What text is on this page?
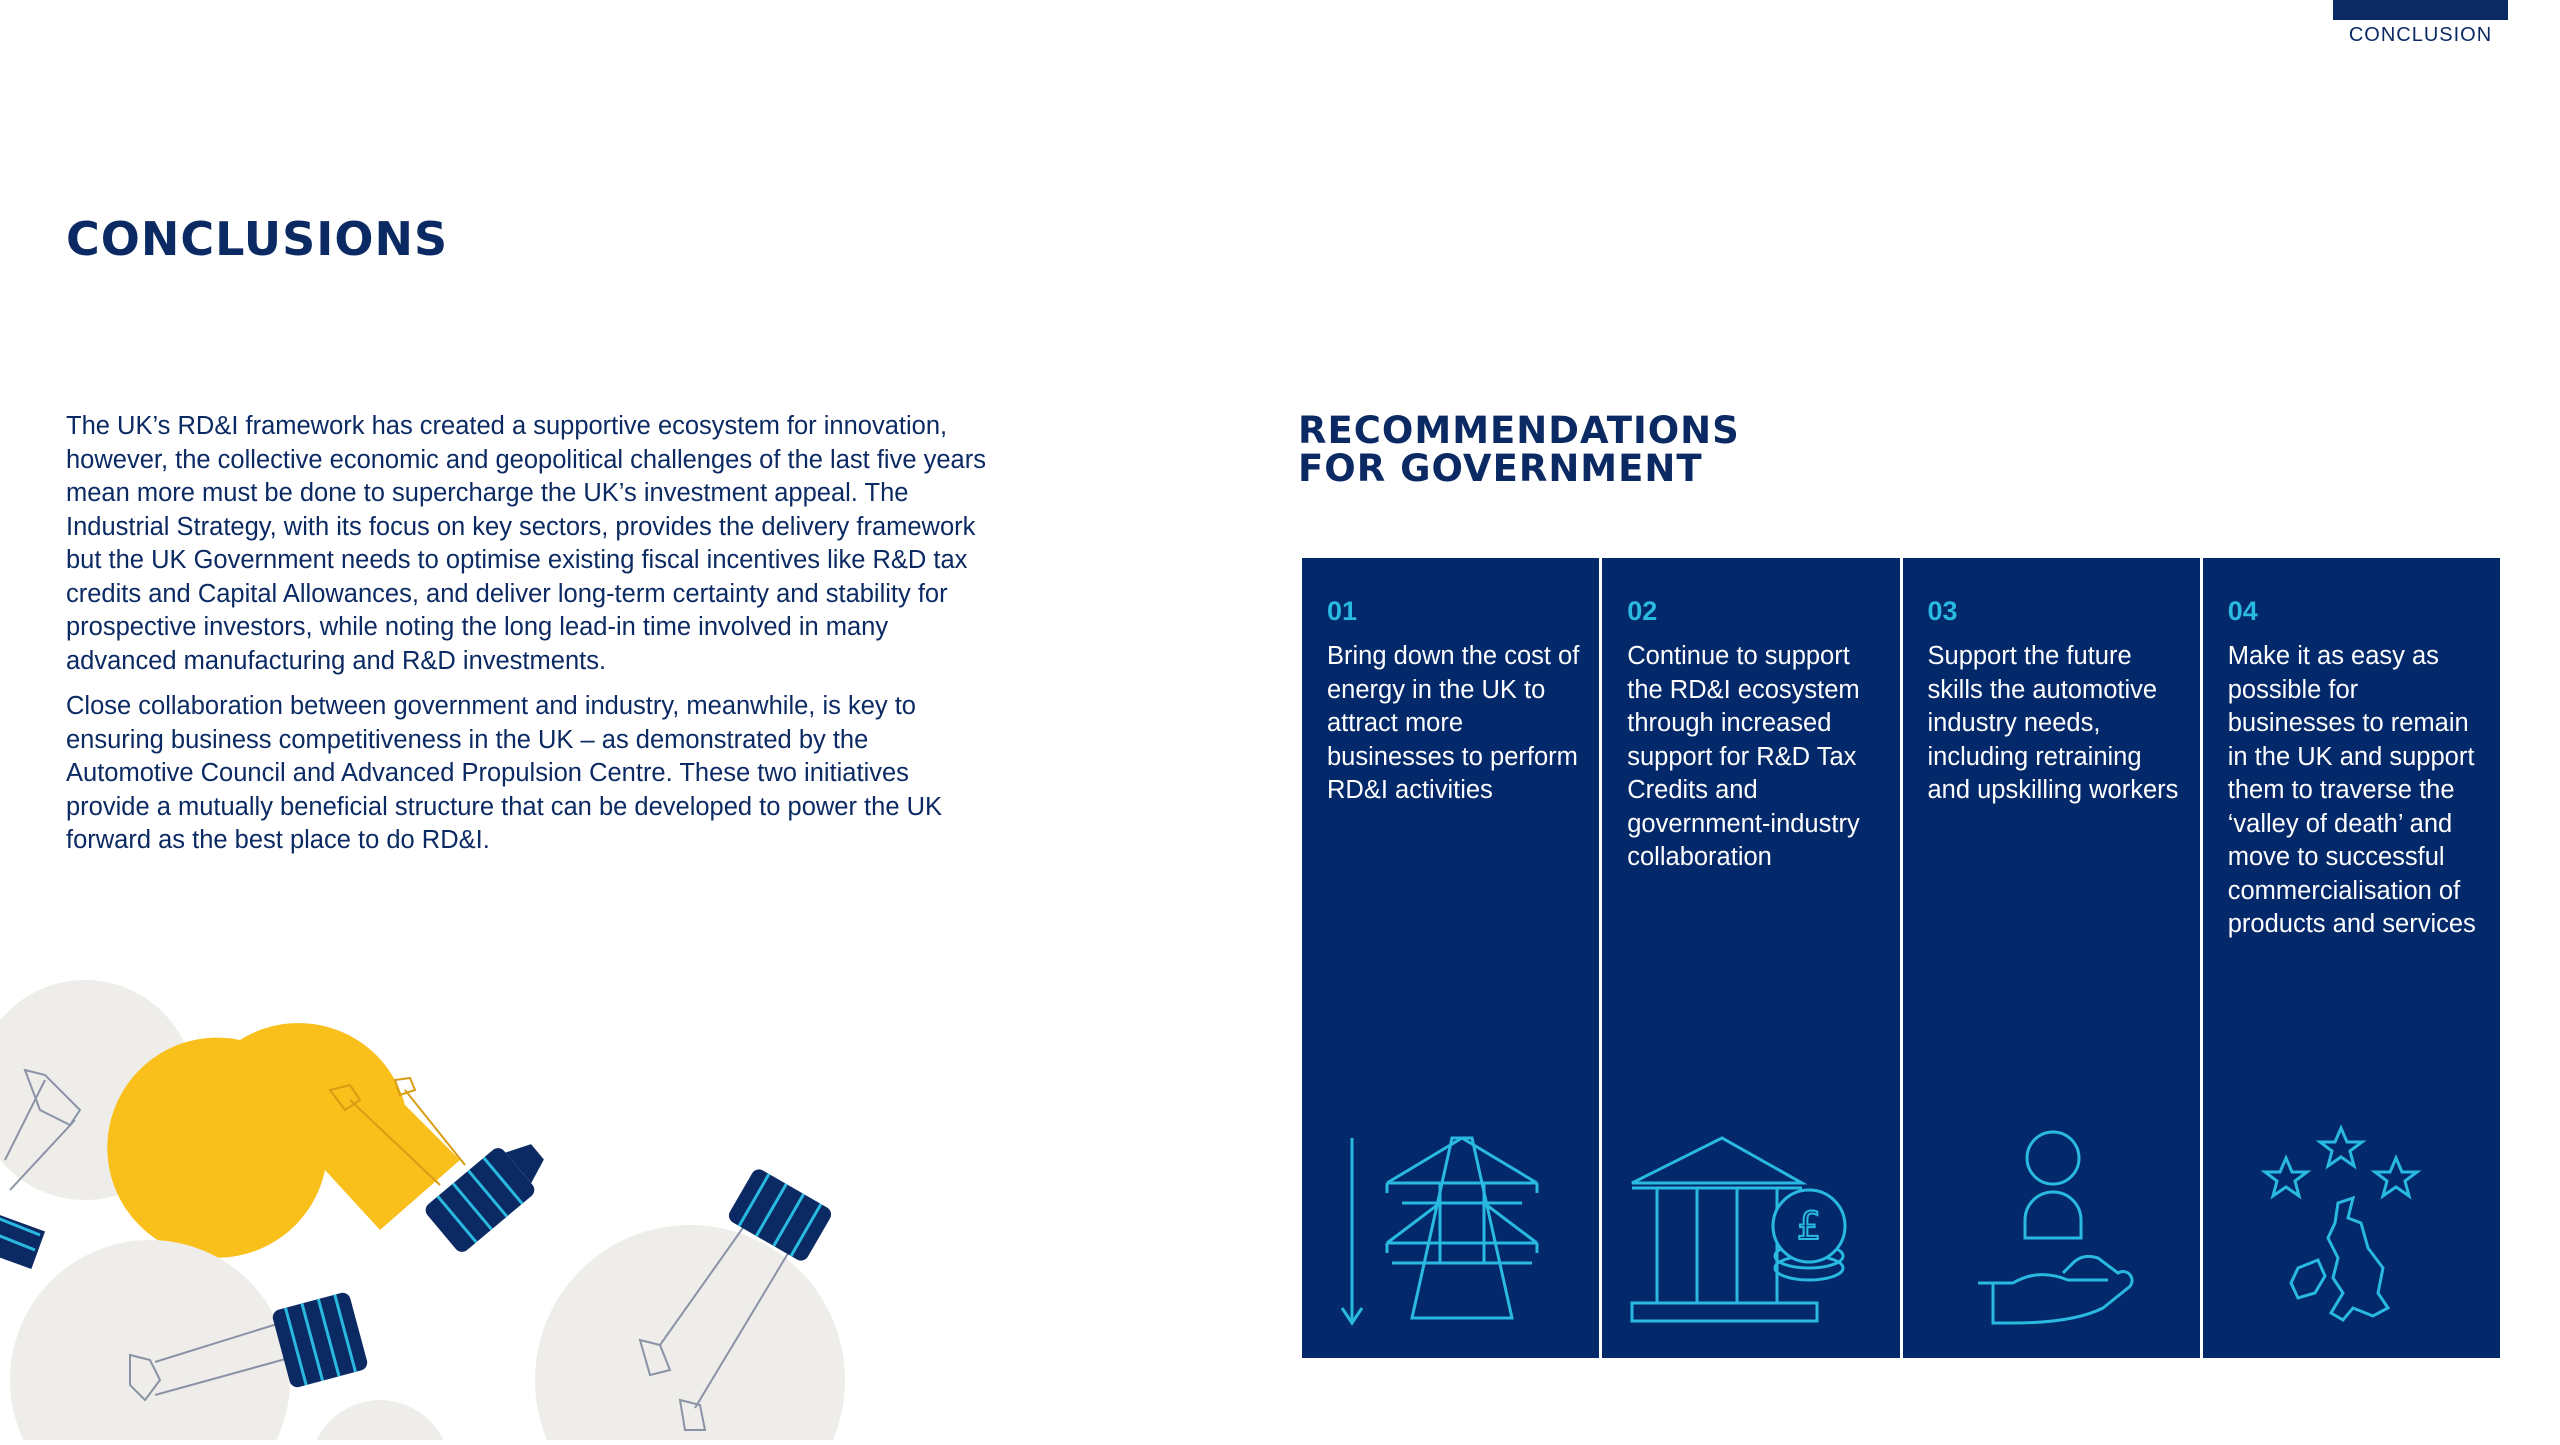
CONCLUSION
CONCLUSIONS

The UK’s RD&I framework has created a supportive ecosystem for innovation, however, the collective economic and geopolitical challenges of the last five years mean more must be done to supercharge the UK’s investment appeal. The Industrial Strategy, with its focus on key sectors, provides the delivery framework but the UK Government needs to optimise existing fiscal incentives like R&D tax credits and Capital Allowances, and deliver long-term certainty and stability for prospective investors, while noting the long lead-in time involved in many advanced manufacturing and R&D investments.

Close collaboration between government and industry, meanwhile, is key to ensuring business competitiveness in the UK – as demonstrated by the Automotive Council and Advanced Propulsion Centre. These two initiatives provide a mutually beneficial structure that can be developed to power the UK forward as the best place to do RD&I.

RECOMMENDATIONS
FOR GOVERNMENT
01
Bring down the cost of energy in the UK to attract more businesses to perform RD&I activities
02
Continue to support the RD&I ecosystem through increased support for R&D Tax Credits and government-industry collaboration
£
03
Support the future skills the automotive industry needs, including retraining and upskilling workers
04
Make it as easy as possible for businesses to remain in the UK and support them to traverse the ‘valley of death’ and move to successful commercialisation of products and services
